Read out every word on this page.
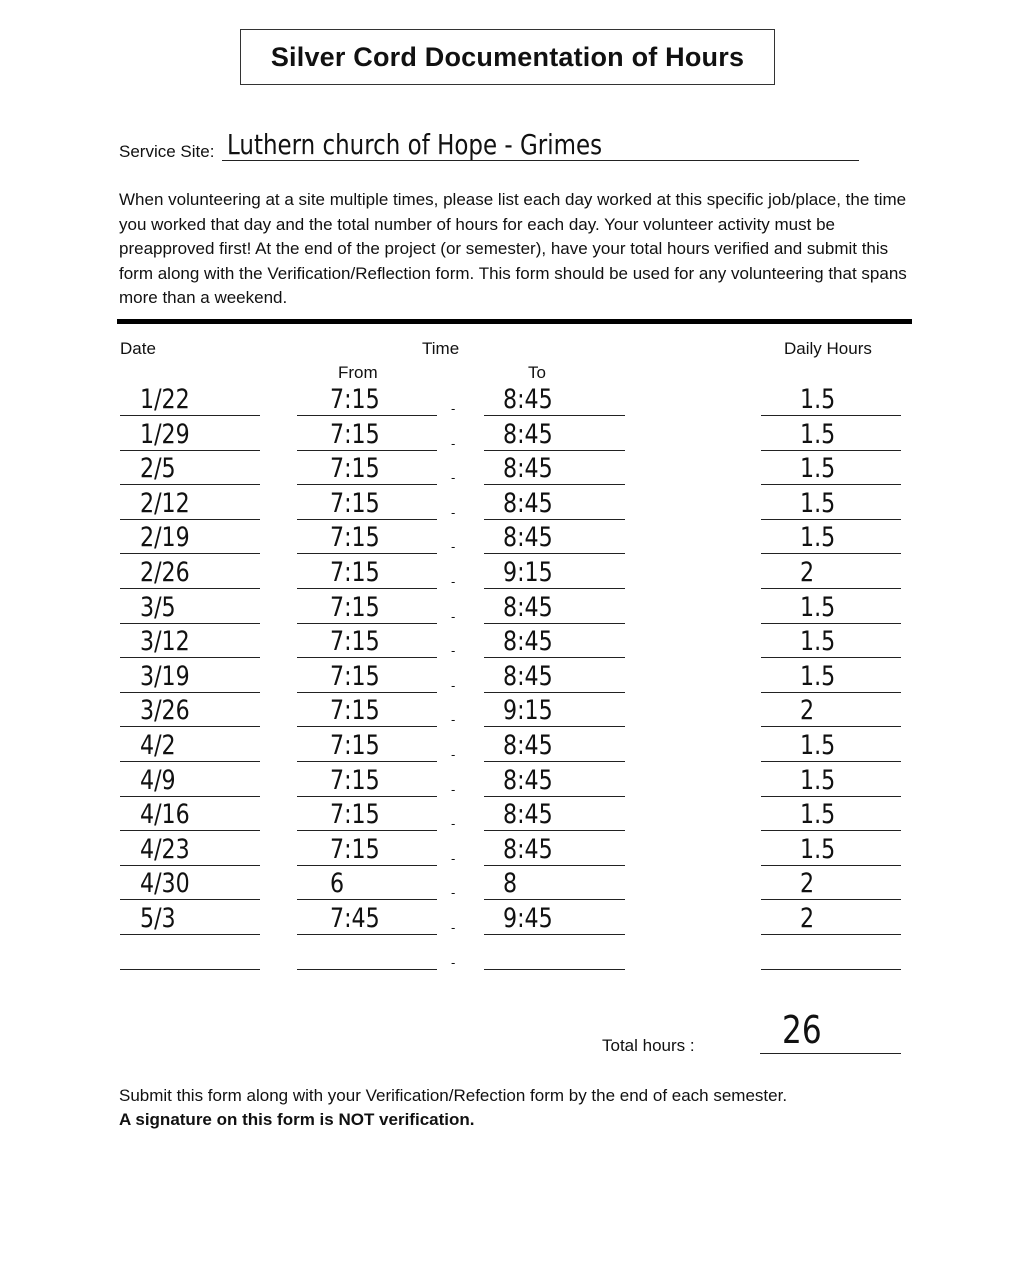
Silver Cord Documentation of Hours
Service Site: Luthern church of Hope - Grimes
When volunteering at a site multiple times, please list each day worked at this specific job/place, the time you worked that day and the total number of hours for each day. Your volunteer activity must be preapproved first! At the end of the project (or semester), have your total hours verified and submit this form along with the Verification/Reflection form. This form should be used for any volunteering that spans more than a weekend.
Date	Time
From	To
Daily Hours
1/22	7:15	8:45	1.5
-
1/29	7:15	8:45	1.5
-
2/5	7:15	8:45	1.5
-
2/12	7:15	8:45	1.5
-
2/19	7:15	8:45	1.5
-
2/26	7:15	9:15	2
-
3/5	7:15	8:45	1.5
-
3/12	7:15	8:45	1.5
-
3/19	7:15	8:45	1.5
-
3/26	7:15	9:15	2
-
4/2	7:15	8:45	1.5
-
4/9	7:15	8:45	1.5
-
4/16	7:15	8:45	1.5
-
4/23	7:15	8:45	1.5
-
4/30	6	8	2
-
5/3	7:45	9:45	2
-
-
Total hours : 26
Submit this form along with your Verification/Refection form by the end of each semester.
A signature on this form is NOT verification.
